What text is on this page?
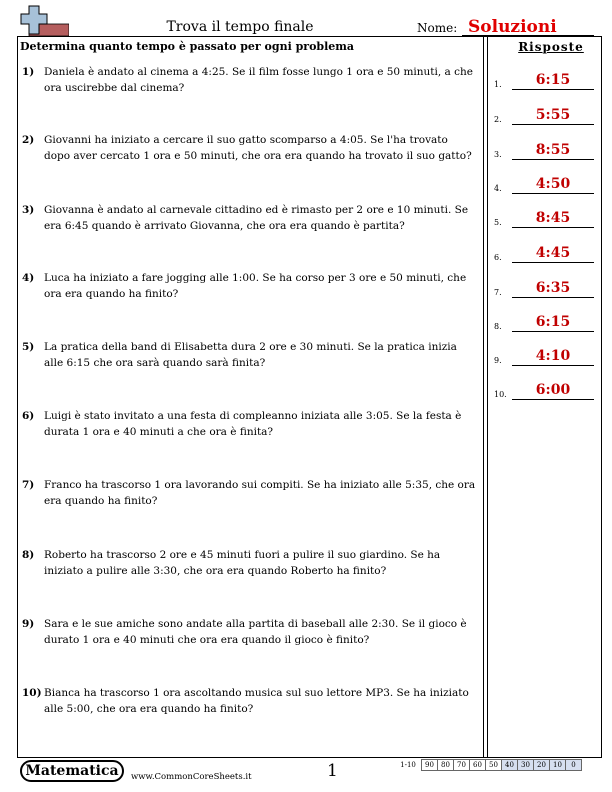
Trova il tempo finale	Nome: Soluzioni
Determina quanto tempo è passato per ogni problema	Risposte
1) Daniela è andato al cinema a 4:25. Se il film fosse lungo 1 ora e 50 minuti, a che ora uscirebbe dal cinema?
2) Giovanni ha iniziato a cercare il suo gatto scomparso a 4:05. Se l'ha trovato dopo aver cercato 1 ora e 50 minuti, che ora era quando ha trovato il suo gatto?
3) Giovanna è andato al carnevale cittadino ed è rimasto per 2 ore e 10 minuti. Se era 6:45 quando è arrivato Giovanna, che ora era quando è partita?
4) Luca ha iniziato a fare jogging alle 1:00. Se ha corso per 3 ore e 50 minuti, che ora era quando ha finito?
5) La pratica della band di Elisabetta dura 2 ore e 30 minuti. Se la pratica inizia alle 6:15 che ora sarà quando sarà finita?
6) Luigi è stato invitato a una festa di compleanno iniziata alle 3:05. Se la festa è durata 1 ora e 40 minuti a che ora è finita?
7) Franco ha trascorso 1 ora lavorando sui compiti. Se ha iniziato alle 5:35, che ora era quando ha finito?
8) Roberto ha trascorso 2 ore e 45 minuti fuori a pulire il suo giardino. Se ha iniziato a pulire alle 3:30, che ora era quando Roberto ha finito?
9) Sara e le sue amiche sono andate alla partita di baseball alle 2:30. Se il gioco è durato 1 ora e 40 minuti che ora era quando il gioco è finito?
10) Bianca ha trascorso 1 ora ascoltando musica sul suo lettore MP3. Se ha iniziato alle 5:00, che ora era quando ha finito?
1.	6:15
2.	5:55
3.	8:55
4.	4:50
5.	8:45
6.	4:45
7.	6:35
8.	6:15
9.	4:10
10.	6:00
Matematica	www.CommonCoreSheets.it	1	1-10	90	80	70	60	50	40	30	20	10	0
